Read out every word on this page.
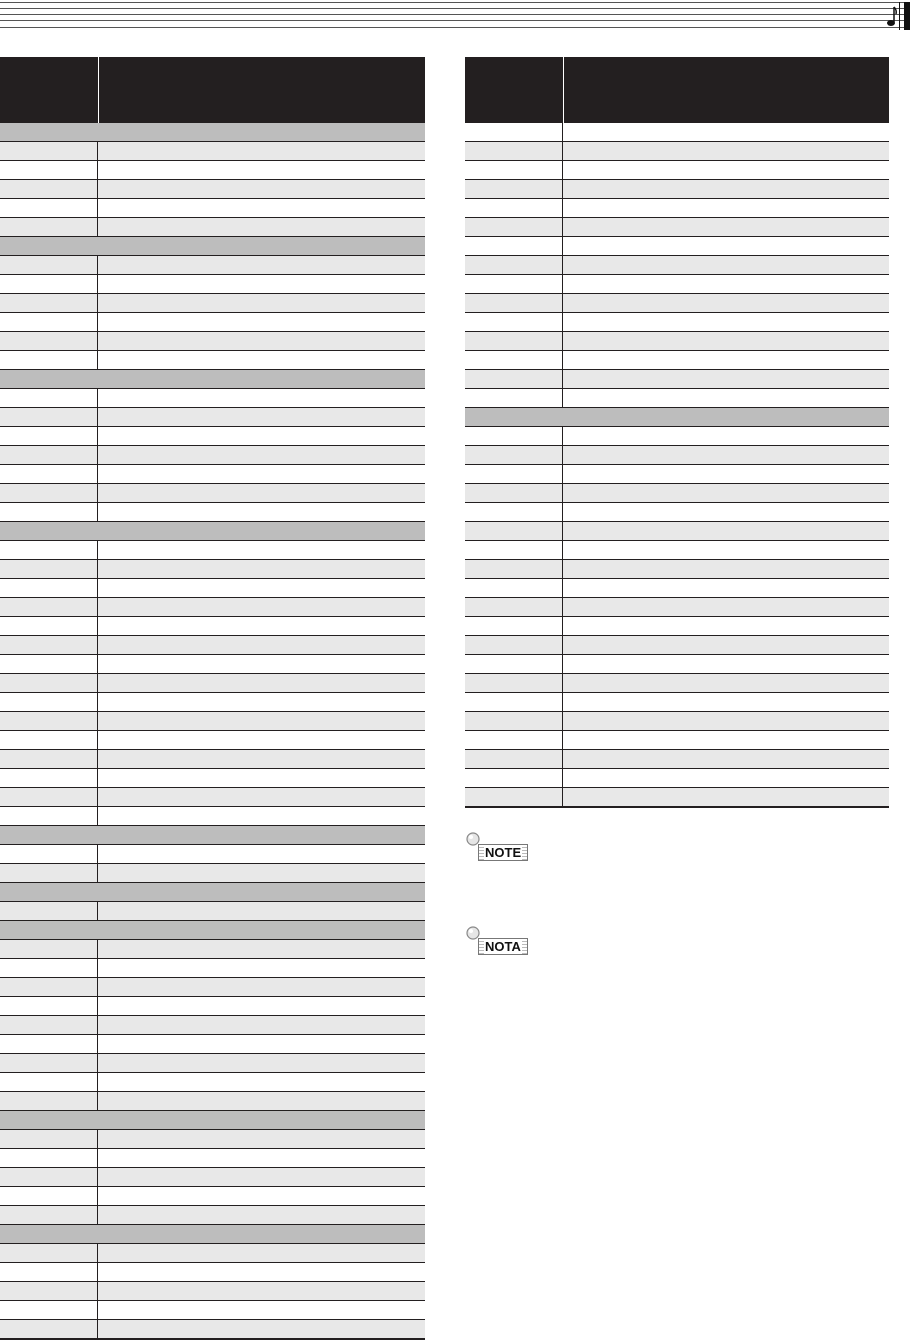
NOTE
NOTA
